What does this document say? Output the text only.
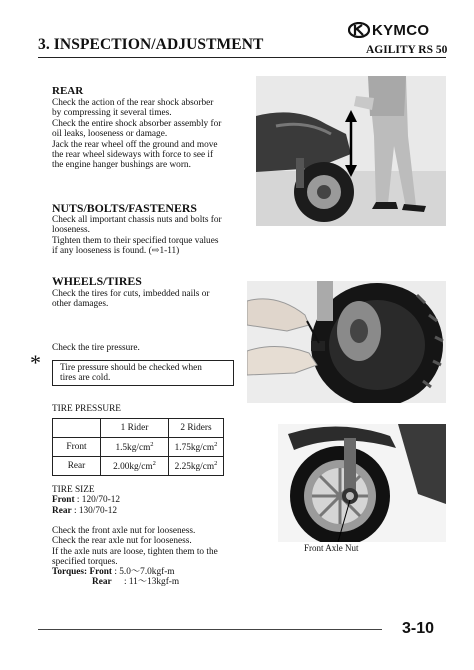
3. INSPECTION/ADJUSTMENT
KYMCO
AGILITY RS 50
REAR
Check the action of the rear shock absorber
by compressing it several times.
Check the entire shock absorber assembly for
oil leaks, looseness or damage.
Jack the rear wheel off the ground and move
the rear wheel sideways with force to see if
the engine hanger bushings are worn.
NUTS/BOLTS/FASTENERS
Check all important chassis nuts and bolts for
looseness.
Tighten them to their specified torque values
if any looseness is found. (⇨1-11)
WHEELS/TIRES
Check the tires for cuts, imbedded nails or
other damages.
Check the tire pressure.
* Tire pressure should be checked when
tires are cold.
TIRE PRESSURE
	1 Rider	2 Riders
Front	$1.5kg/cm^2$	$1.75kg/cm^2$
Rear	$2.00kg/cm^2$	$2.25kg/cm^2$
TIRE SIZE
Front : 120/70-12
Rear : 130/70-12
Check the front axle nut for looseness.
Check the rear axle nut for looseness.
If the axle nuts are loose, tighten them to the
specified torques.
Torques: Front : 5.0～7.0kgf-m
Rear : 11～13kgf-m
Front Axle Nut
3-10
